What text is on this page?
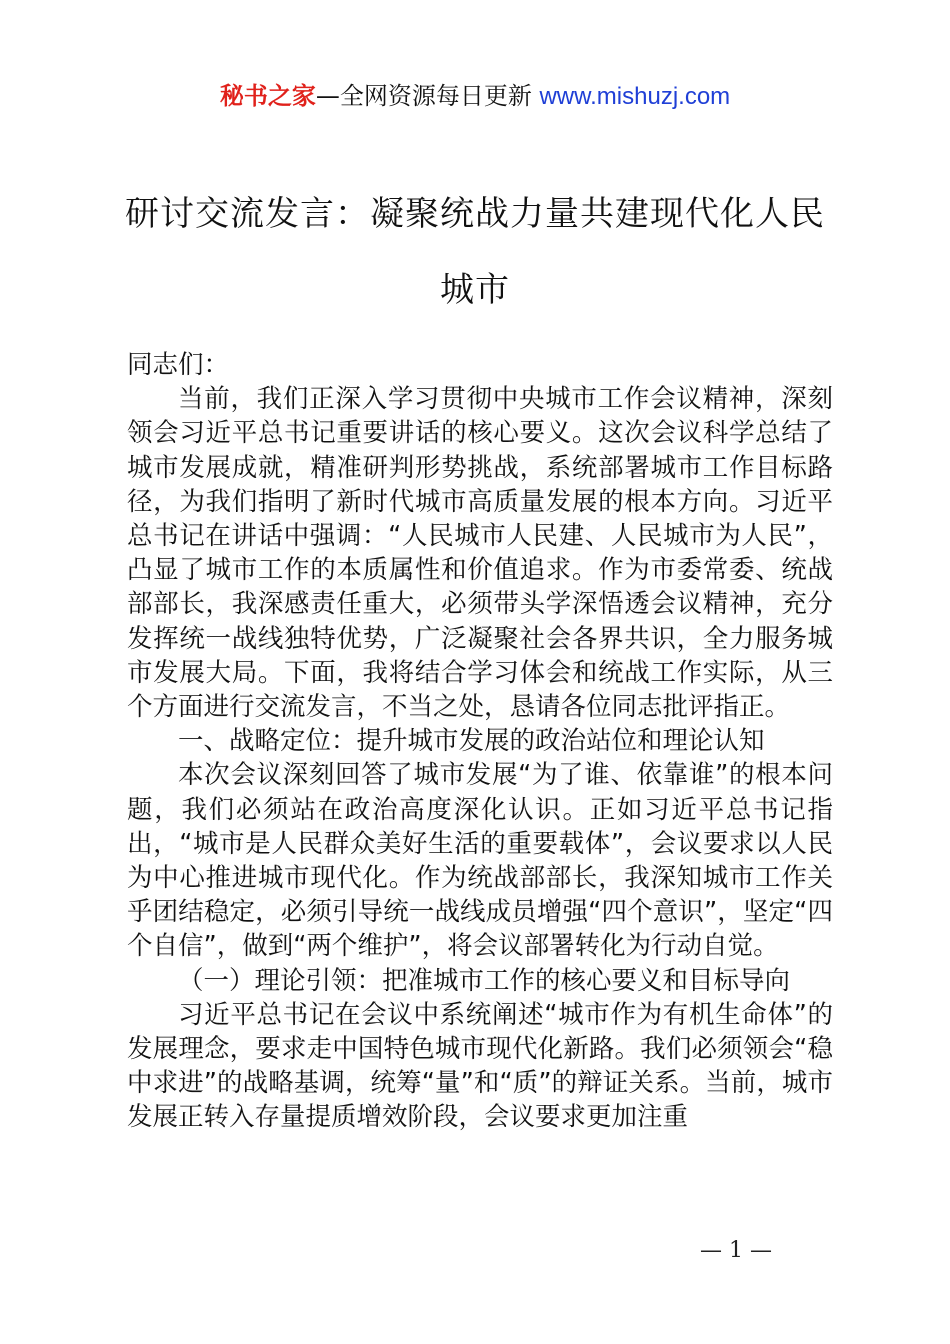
秘书之家—全网资源每日更新 www.mishuzj.com
研讨交流发言：凝聚统战力量共建现代化人民城市

同志们：

当前，我们正深入学习贯彻中央城市工作会议精神，深刻领会习近平总书记重要讲话的核心要义。这次会议科学总结了城市发展成就，精准研判形势挑战，系统部署城市工作目标路径，为我们指明了新时代城市高质量发展的根本方向。习近平总书记在讲话中强调：“人民城市人民建、人民城市为人民”，凸显了城市工作的本质属性和价值追求。作为市委常委、统战部部长，我深感责任重大，必须带头学深悟透会议精神，充分发挥统一战线独特优势，广泛凝聚社会各界共识，全力服务城市发展大局。下面，我将结合学习体会和统战工作实际，从三个方面进行交流发言，不当之处，恳请各位同志批评指正。

一、战略定位：提升城市发展的政治站位和理论认知

本次会议深刻回答了城市发展“为了谁、依靠谁”的根本问题，我们必须站在政治高度深化认识。正如习近平总书记指出，“城市是人民群众美好生活的重要载体”，会议要求以人民为中心推进城市现代化。作为统战部部长，我深知城市工作关乎团结稳定，必须引导统一战线成员增强“四个意识”，坚定“四个自信”，做到“两个维护”，将会议部署转化为行动自觉。

（一）理论引领：把准城市工作的核心要义和目标导向

习近平总书记在会议中系统阐述“城市作为有机生命体”的发展理念，要求走中国特色城市现代化新路。我们必须领会“稳中求进”的战略基调，统筹“量”和“质”的辩证关系。当前，城市发展正转入存量提质增效阶段，会议要求更加注重

— 1 —
